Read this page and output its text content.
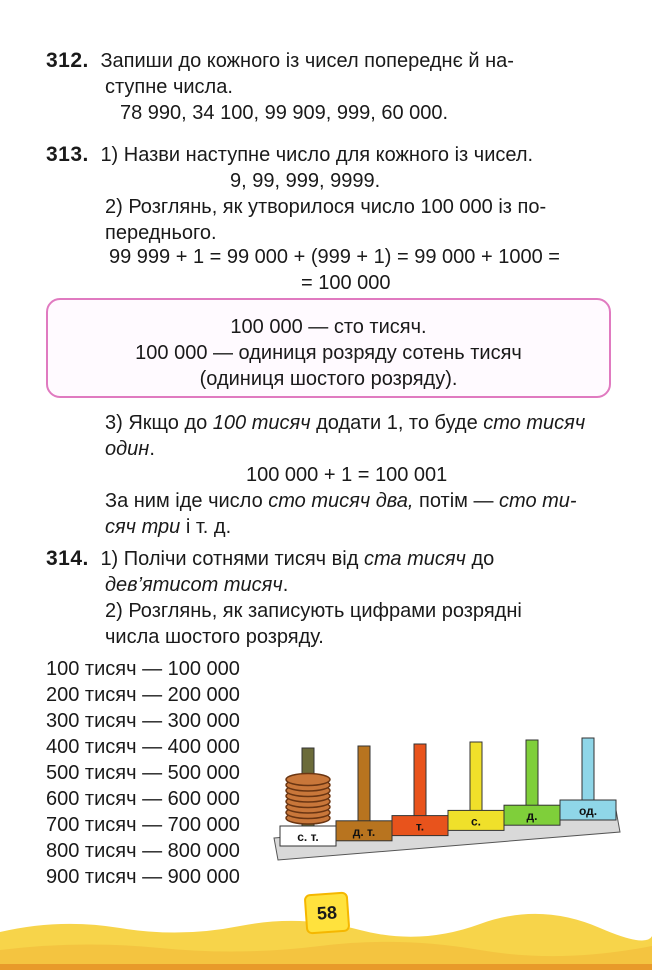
312. Запиши до кожного із чисел попереднє й на-
ступне числа.
78 990, 34 100, 99 909, 999, 60 000.
313. 1) Назви наступне число для кожного із чисел.
9, 99, 999, 9999.
2) Розглянь, як утворилося число 100 000 із по-
переднього.
99 999 + 1 = 99 000 + (999 + 1) = 99 000 + 1000 =
= 100 000
100 000 — сто тисяч.
100 000 — одиниця розряду сотень тисяч
(одиниця шостого розряду).
3) Якщо до 100 тисяч додати 1, то буде сто тисяч
один.
100 000 + 1 = 100 001
За ним іде число сто тисяч два, потім — сто ти-
сяч три і т. д.
314. 1) Полічи сотнями тисяч від ста тисяч до
дев’ятисот тисяч.
2) Розглянь, як записують цифрами розрядні
числа шостого розряду.
100 тисяч — 100 000
200 тисяч — 200 000
300 тисяч — 300 000
400 тисяч — 400 000
500 тисяч — 500 000
600 тисяч — 600 000
700 тисяч — 700 000
800 тисяч — 800 000
900 тисяч — 900 000
с. т.	д. т.	т.	с.	д.	од.
58
